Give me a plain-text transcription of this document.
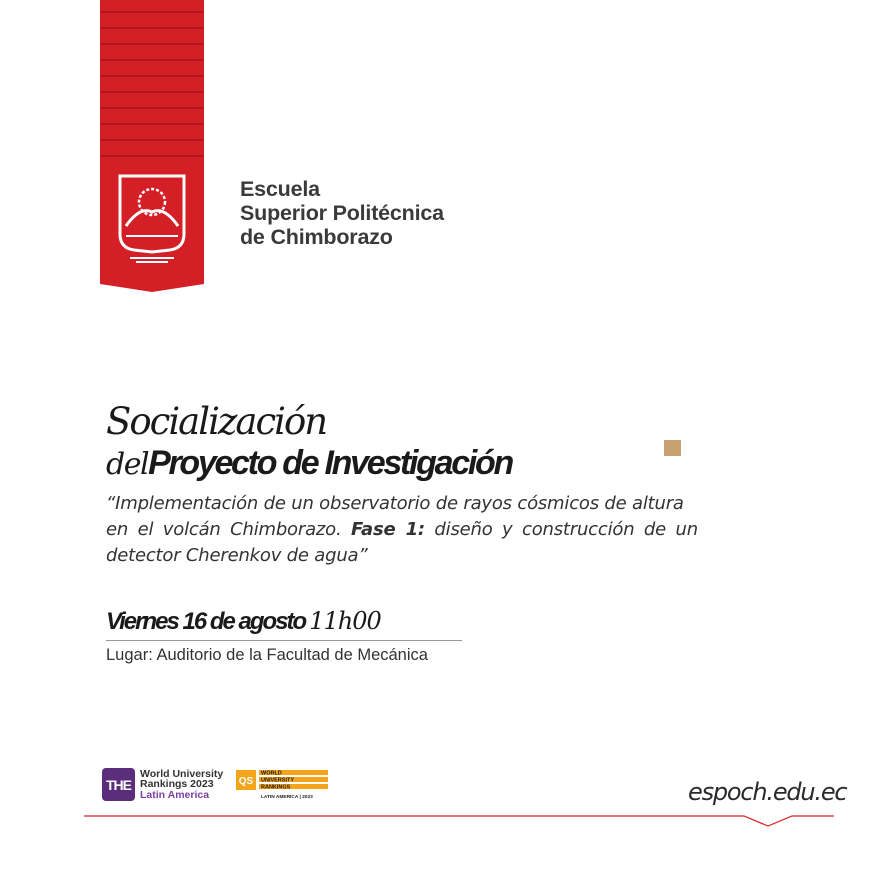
Escuela
Superior Politécnica
de Chimborazo
Socialización
delProyecto de Investigación
“Implementación de un observatorio de rayos cósmicos de altura
en el volcán Chimborazo. Fase 1: diseño y construcción de un
detector Cherenkov de agua”
Viernes 16 de agosto 11h00
Lugar: Auditorio de la Facultad de Mecánica
THE
World University
Rankings 2023
Latin America
QS
WORLD
UNIVERSITY
RANKINGS
LATIN AMERICA | 2023	espoch.edu.ec
